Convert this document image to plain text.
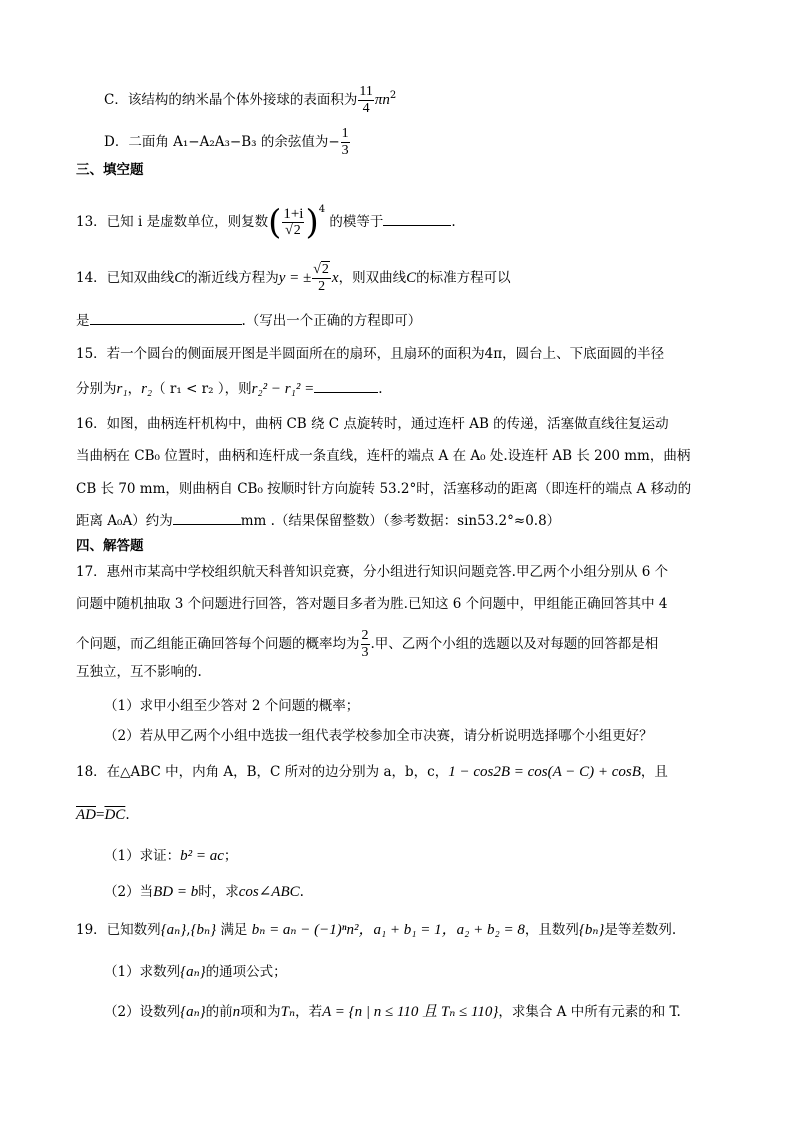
C．该结构的纳米晶个体外接球的表面积为 $\frac{11}{4} \pi n^2$
D．二面角 A₁−A₂A₃−B₃ 的余弦值为− $\frac{1}{3}$
三、填空题
13．已知 i 是虚数单位，则复数( $\frac{1+i}{√2} )^4$ 的模等于	.
14．已知双曲线C的渐近线方程为y = ± $\frac{√2}{2}$ x，则双曲线C的标准方程可以
是	.（写出一个正确的方程即可）
15．若一个圆台的侧面展开图是半圆面所在的扇环，且扇环的面积为4π，圆台上、下底面圆的半径
分别为r₁，r₂（ r₁ < r₂ ），则r₂² − r₁² =	.
16．如图，曲柄连杆机构中，曲柄 CB 绕 C 点旋转时，通过连杆 AB 的传递，活塞做直线往复运动
当曲柄在 CB₀ 位置时，曲柄和连杆成一条直线，连杆的端点 A 在 A₀ 处.设连杆 AB 长 200 mm，曲柄
CB 长 70 mm，则曲柄自 CB₀ 按顺时针方向旋转 53.2°时，活塞移动的距离（即连杆的端点 A 移动的
距离 A₀A）约为	mm .（结果保留整数）（参考数据：sin53.2°≈0.8）
四、解答题
17．惠州市某高中学校组织航天科普知识竞赛，分小组进行知识问题竞答.甲乙两个小组分别从 6 个
问题中随机抽取 3 个问题进行回答，答对题目多者为胜.已知这 6 个问题中，甲组能正确回答其中 4
个问题，而乙组能正确回答每个问题的概率均为 $\frac{2}{3}$ .甲、乙两个小组的选题以及对每题的回答都是相
互独立，互不影响的.
（1）求甲小组至少答对 2 个问题的概率；
（2）若从甲乙两个小组中选拔一组代表学校参加全市决赛，请分析说明选择哪个小组更好？
18．在△ABC 中，内角 A，B，C 所对的边分别为 a，b，c，1 − cos2B = cos(A − C) + cosB，且
$\overline{AD}=\overline{DC}$.
（1）求证：b² = ac；
（2）当BD = b时，求cos∠ABC.
19．已知数列{aₙ},{bₙ} 满足 bₙ = aₙ − (−1)ⁿn²，a₁ + b₁ = 1，a₂ + b₂ = 8，且数列{bₙ}是等差数列.
（1）求数列{aₙ}的通项公式；
（2）设数列{aₙ}的前n项和为Tₙ，若A = {n | n ≤ 110 且 Tₙ ≤ 110}，求集合 A 中所有元素的和 T.
